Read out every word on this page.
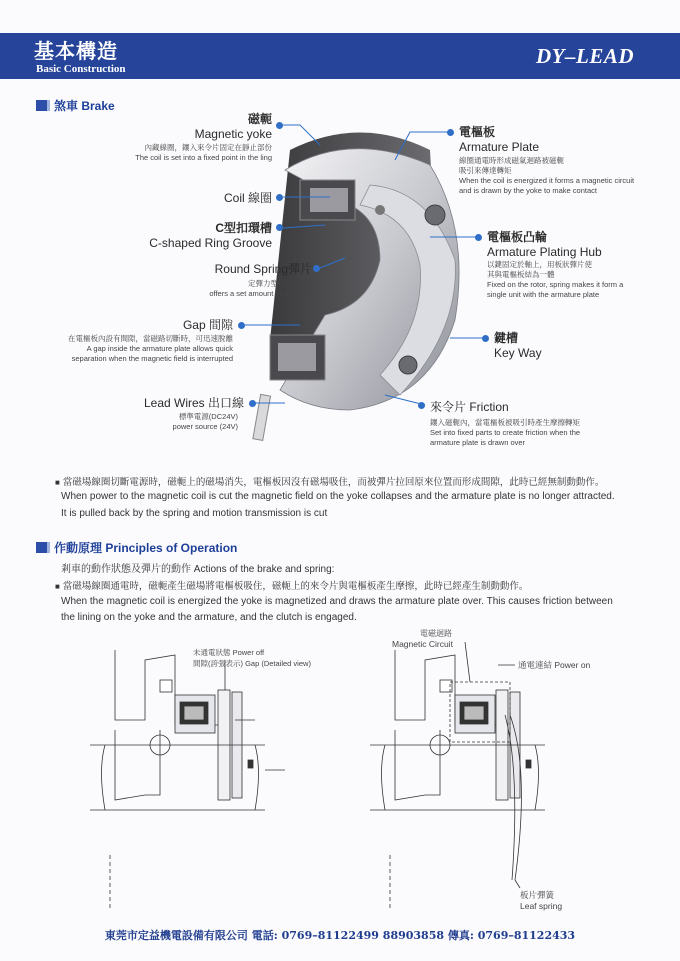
基本構造
Basic Construction
DY–LEAD
煞車 Brake
磁軛
Magnetic yoke
內藏線圈，鑲入來令片固定在靜止部份
The coil is set into a fixed point in the ling
Coil 線圈
C型扣環槽
C-shaped Ring Groove
Round Spring彈片
定彈力型板狀彈片
offers a set amount of tension
Gap 間隙
在電樞板內設有間隙，當磁路切斷時，可迅速脫離
A gap inside the armature plate allows quick
separation when the magnetic field is interrupted
Lead Wires 出口線
標準電源(DC24V)
power source (24V)
電樞板
Armature Plate
線圈通電時形成磁氣迴路被磁軛
吸引來傳達轉矩
When the coil is energized it forms a magnetic circuit
and is drawn by the yoke to make contact
電樞板凸輪
Armature Plating Hub
以鍵固定於軸上，用板狀彈片使
其與電樞板結為一體
Fixed on the rotor, spring makes it form a
single unit with the armature plate
鍵槽
Key Way
來令片 Friction
鑲入磁軛內，當電樞板被吸引時產生摩擦轉矩
Set into fixed parts to create friction when the
armature plate is drawn over
■ 當磁場線圈切斷電源時，磁軛上的磁場消失，電樞板因沒有磁場吸住，而被彈片拉回原來位置而形成間隙，此時已經無制動動作。
When power to the magnetic coil is cut the magnetic field on the yoke collapses and the armature plate is no longer attracted.
It is pulled back by the spring and motion transmission is cut
作動原理 Principles of Operation
剎車的動作狀態及彈片的動作 Actions of the brake and spring:
■ 當磁場線圈通電時，磁軛產生磁場將電樞板吸住，磁軛上的來令片與電樞板產生摩擦，此時已經產生制動動作。
When the magnetic coil is energized the yoke is magnetized and draws the armature plate over. This causes friction between
the lining on the yoke and the armature, and the clutch is engaged.
未通電狀態 Power off
間隙(誇張表示) Gap (Detailed view)
電磁迴路
Magnetic Circuit
通電連結 Power on
板片彈簧
Leaf spring
東莞市定益機電設備有限公司 電話: 0769–81122499 88903858 傳真: 0769–81122433
